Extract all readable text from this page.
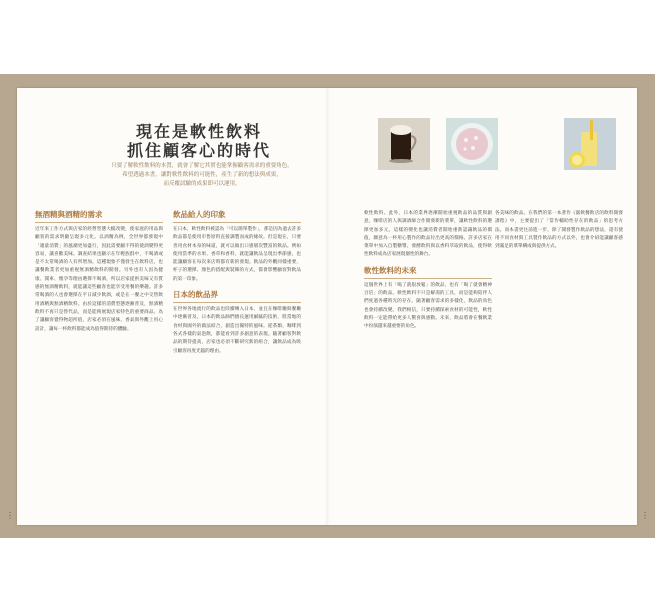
現在是軟性飲料
抓住顧客心的時代

只要了解軟性飲料的本質，就會了解它其實也能掌握顧客需求的重要角色。
希望透過本書，讓對軟性飲料的可能性，產生了新的想法與成果，
而反覆試驗的成果即可以運用。

無酒精與酒精的需求

近年來工作方式與店家的經營型態大幅改變，使家庭的用品與顧客的需求明顯呈現多元化。以酒精為例，全世界都發現中「適量消費」的風潮更加盛行，因此需要顧不得的使酒變得更容易，讓喜歡美味。調查結果也顯示在年輕族群中，不喝酒或是不太常喝酒的人有所增加。這種現象不僅發生在飲料店，也讓餐飲業者更加重視無酒精飲料的開發。另外也有人因為健康、開車、懷孕等理由選擇不喝酒，所以店家提供美味又有質感的無酒精飲料，就能讓這些顧客也能享受用餐的樂趣。許多常喝酒的人也會選擇在平日減少飲酒，或是在一餐之中交替飲用酒精與無酒精飲料。由於這樣的消費型態逐漸普及，無酒精飲料不再只是替代品，而是能夠展現店家特色的重要商品。為了讓顧客覺得物超所值，店家必須在風味、香氣與外觀上用心設計，讓每一杯飲料都能成為值得期待的體驗。

飲品給人的印象

在日本，軟性飲料被認為「可以簡單製作」，那是因為過去許多飲品都是使用市售原料直接調製而成的緣故。但是現在，只要善用食材本身的味道，就可以做出口感層次豐富的飲品。例如使用當季的水果、香草和香料，就能讓飲品呈現出季節感，也能讓顧客在每次來店時都有新的發現。飲品的外觀同樣重要，杯子的選擇、顏色的搭配與裝飾的方式，都會影響顧客對飲品的第一印象。

日本的飲品界

在世界各地流行的飲品也陸續傳入日本，並且在咖啡廳與餐廳中逐漸普及。日本的飲品師們擅長運用細膩的技術，將當地的食材與國外的做法結合，創造出獨特的風味。從茶類、咖啡到各式各樣的氣泡飲，都能看到許多創意的表現。隨著顧客對飲品的期待提高，店家也必須不斷研究新的組合，讓飲品成為吸引顧客再度光臨的理由。

軟性飲料。此外，日本的業界逐漸開始重視飲品的品質與創意，咖啡店的人與調酒師合作開發新的菜單，讓軟性飲料的選擇更加多元。這樣的變化也讓消費者開始重新認識飲品的價值，願意為一杯用心製作的飲品付出更高的價格。許多店家在菜單中加入自製糖漿、發酵飲料與以香料萃取的飲品，使得軟性飲料成為店家展現個性的舞台。

軟性飲料的未來

這個世界上有「喝了就很放鬆」的飲品，也有「喝了就會精神百倍」的飲品。軟性飲料不只是解渴的工具，而是能夠陪伴人們度過各種時光的存在。隨著顧客需求的多樣化，飲品的角色也會持續改變。我們相信，只要持續探索食材的可能性，軟性飲料一定能帶給更多人驚喜與感動。未來，飲品將會在餐飲業中扮演越來越重要的角色。

各美味的飲品。在我們的第一本著作《副飲餐飲店的飲料開發課程》中，主要提出了「當作輔助性存在的飲品」的思考方法。而本書更往前進一步，除了開發製作飲品的想法，還有使用不同食材與工具製作飲品的方式以外，也會介紹能讓顧客感到滿足的菜單構成與提供方式。

⋮	⋮
